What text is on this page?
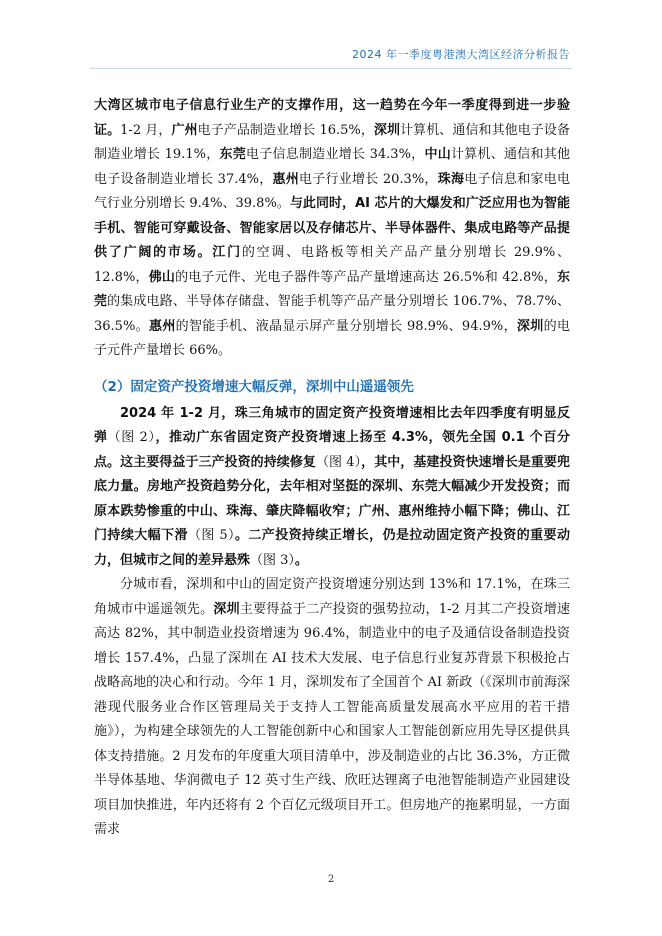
2024 年一季度粤港澳大湾区经济分析报告

大湾区城市电子信息行业生产的支撑作用，这一趋势在今年一季度得到进一步验证。1-2 月，广州电子产品制造业增长 16.5%，深圳计算机、通信和其他电子设备制造业增长 19.1%，东莞电子信息制造业增长 34.3%，中山计算机、通信和其他电子设备制造业增长 37.4%，惠州电子行业增长 20.3%，珠海电子信息和家电电气行业分别增长 9.4%、39.8%。与此同时，AI 芯片的大爆发和广泛应用也为智能手机、智能可穿戴设备、智能家居以及存储芯片、半导体器件、集成电路等产品提供了广阔的市场。江门的空调、电路板等相关产品产量分别增长 29.9%、12.8%，佛山的电子元件、光电子器件等产品产量增速高达 26.5%和 42.8%，东莞的集成电路、半导体存储盘、智能手机等产品产量分别增长 106.7%、78.7%、36.5%。惠州的智能手机、液晶显示屏产量分别增长 98.9%、94.9%，深圳的电子元件产量增长 66%。

（2）固定资产投资增速大幅反弹，深圳中山遥遥领先

2024 年 1-2 月，珠三角城市的固定资产投资增速相比去年四季度有明显反弹（图 2），推动广东省固定资产投资增速上扬至 4.3%，领先全国 0.1 个百分点。这主要得益于三产投资的持续修复（图 4），其中，基建投资快速增长是重要兜底力量。房地产投资趋势分化，去年相对坚挺的深圳、东莞大幅减少开发投资；而原本跌势惨重的中山、珠海、肇庆降幅收窄；广州、惠州维持小幅下降；佛山、江门持续大幅下滑（图 5）。二产投资持续正增长，仍是拉动固定资产投资的重要动力，但城市之间的差异悬殊（图 3）。

分城市看，深圳和中山的固定资产投资增速分别达到 13%和 17.1%，在珠三角城市中遥遥领先。深圳主要得益于二产投资的强势拉动，1-2 月其二产投资增速高达 82%，其中制造业投资增速为 96.4%，制造业中的电子及通信设备制造投资增长 157.4%，凸显了深圳在 AI 技术大发展、电子信息行业复苏背景下积极抢占战略高地的决心和行动。今年 1 月，深圳发布了全国首个 AI 新政（《深圳市前海深港现代服务业合作区管理局关于支持人工智能高质量发展高水平应用的若干措施》），为构建全球领先的人工智能创新中心和国家人工智能创新应用先导区提供具体支持措施。2 月发布的年度重大项目清单中，涉及制造业的占比 36.3%，方正微半导体基地、华润微电子 12 英寸生产线、欣旺达锂离子电池智能制造产业园建设项目加快推进，年内还将有 2 个百亿元级项目开工。但房地产的拖累明显，一方面需求

2
